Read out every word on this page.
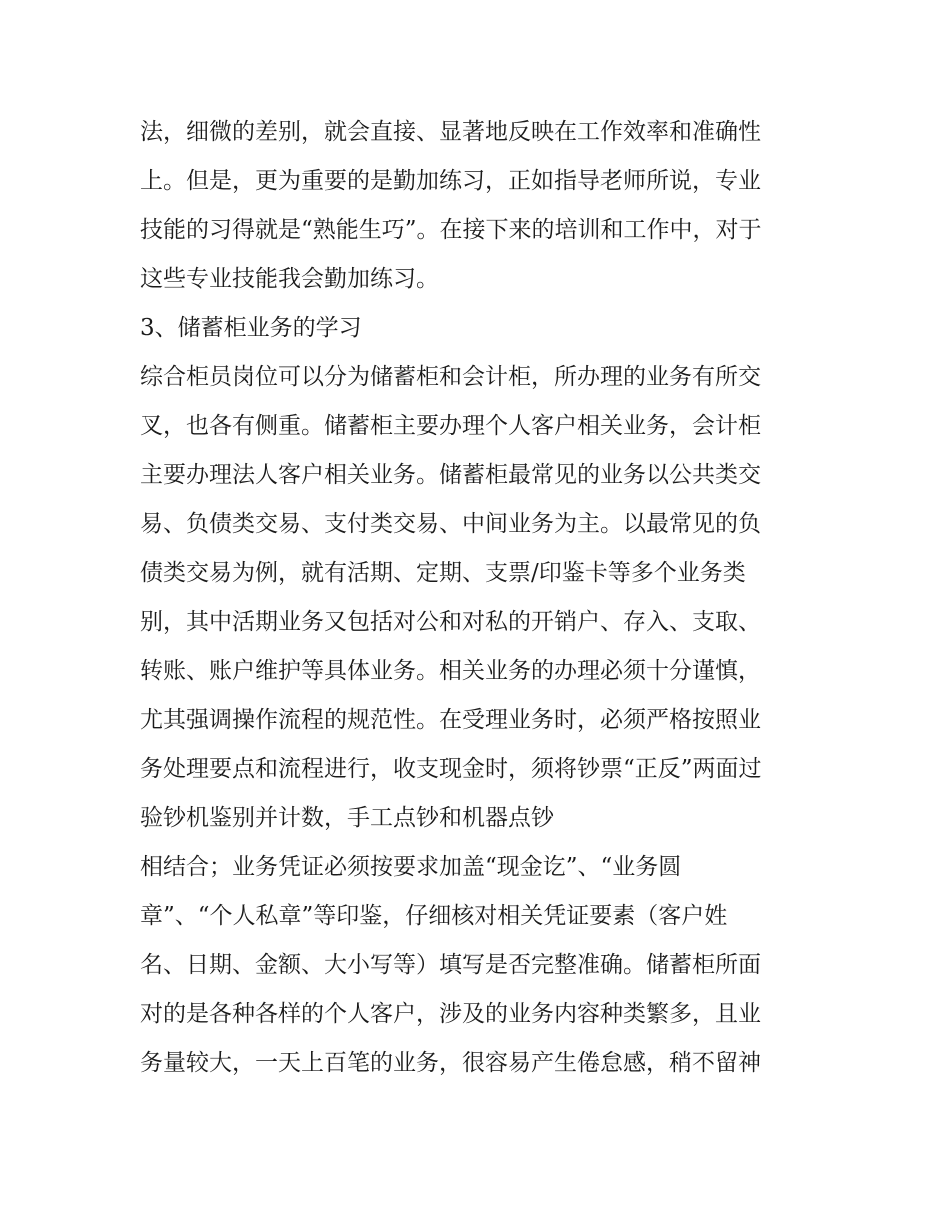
法，细微的差别，就会直接、显著地反映在工作效率和准确性
上。但是，更为重要的是勤加练习，正如指导老师所说，专业
技能的习得就是“熟能生巧”。在接下来的培训和工作中，对于
这些专业技能我会勤加练习。
3、储蓄柜业务的学习
综合柜员岗位可以分为储蓄柜和会计柜，所办理的业务有所交
叉，也各有侧重。储蓄柜主要办理个人客户相关业务，会计柜
主要办理法人客户相关业务。储蓄柜最常见的业务以公共类交
易、负债类交易、支付类交易、中间业务为主。以最常见的负
债类交易为例，就有活期、定期、支票/印鉴卡等多个业务类
别，其中活期业务又包括对公和对私的开销户、存入、支取、
转账、账户维护等具体业务。相关业务的办理必须十分谨慎，
尤其强调操作流程的规范性。在受理业务时，必须严格按照业
务处理要点和流程进行，收支现金时，须将钞票“正反”两面过
验钞机鉴别并计数，手工点钞和机器点钞
相结合；业务凭证必须按要求加盖“现金讫”、“业务圆
章”、“个人私章”等印鉴，仔细核对相关凭证要素（客户姓
名、日期、金额、大小写等）填写是否完整准确。储蓄柜所面
对的是各种各样的个人客户，涉及的业务内容种类繁多，且业
务量较大，一天上百笔的业务，很容易产生倦怠感，稍不留神
